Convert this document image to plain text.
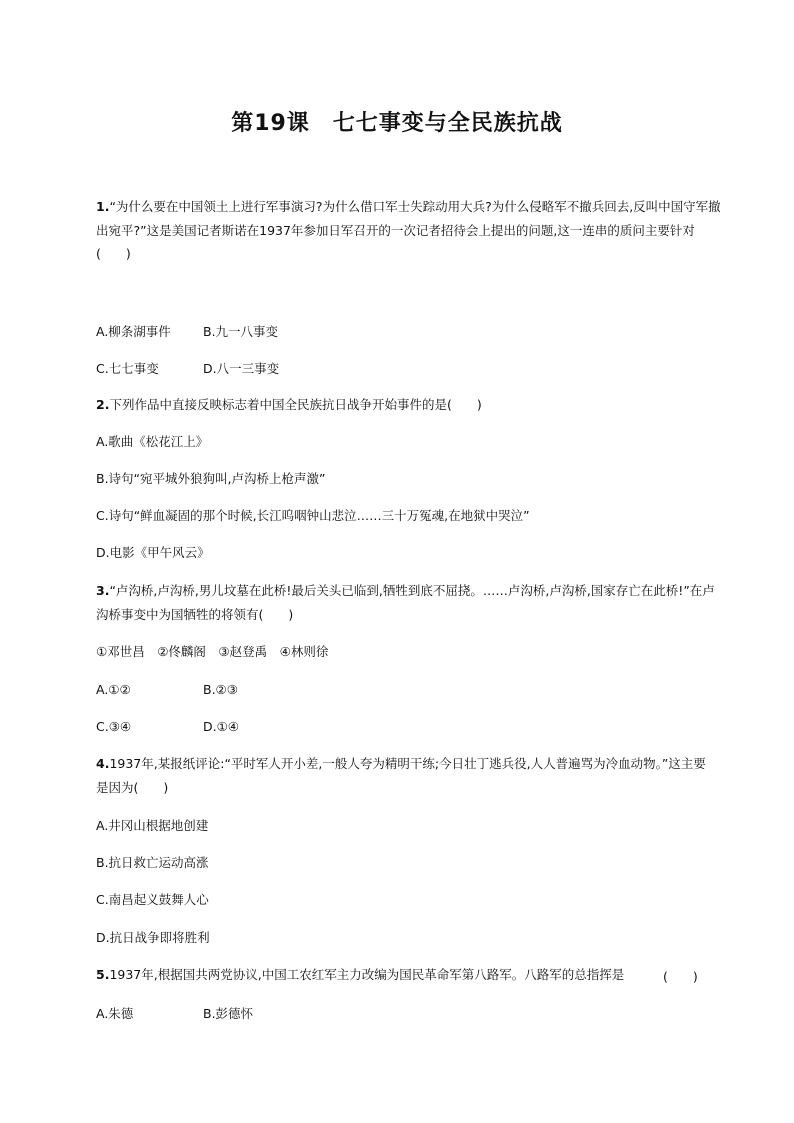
第19课　七七事变与全民族抗战
1.“为什么要在中国领土上进行军事演习?为什么借口军士失踪动用大兵?为什么侵略军不撤兵回去,反叫中国守军撤
出宛平?”这是美国记者斯诺在1937年参加日军召开的一次记者招待会上提出的问题,这一连串的质问主要针对
(　　)
A.柳条湖事件	B.九一八事变
C.七七事变	D.八一三事变
2.下列作品中直接反映标志着中国全民族抗日战争开始事件的是(　　)
A.歌曲《松花江上》
B.诗句“宛平城外狼狗叫,卢沟桥上枪声激”
C.诗句“鲜血凝固的那个时候,长江呜咽钟山悲泣……三十万冤魂,在地狱中哭泣”
D.电影《甲午风云》
3.“卢沟桥,卢沟桥,男儿坟墓在此桥!最后关头已临到,牺牲到底不屈挠。……卢沟桥,卢沟桥,国家存亡在此桥!”在卢
沟桥事变中为国牺牲的将领有(　　)
①邓世昌　②佟麟阁　③赵登禹　④林则徐
A.①②	B.②③
C.③④	D.①④
4.1937年,某报纸评论:“平时军人开小差,一般人夸为精明干练;今日壮丁逃兵役,人人普遍骂为冷血动物。”这主要
是因为(　　)
A.井冈山根据地创建
B.抗日救亡运动高涨
C.南昌起义鼓舞人心
D.抗日战争即将胜利
5.1937年,根据国共两党协议,中国工农红军主力改编为国民革命军第八路军。八路军的总指挥是	(　　)
A.朱德	B.彭德怀
